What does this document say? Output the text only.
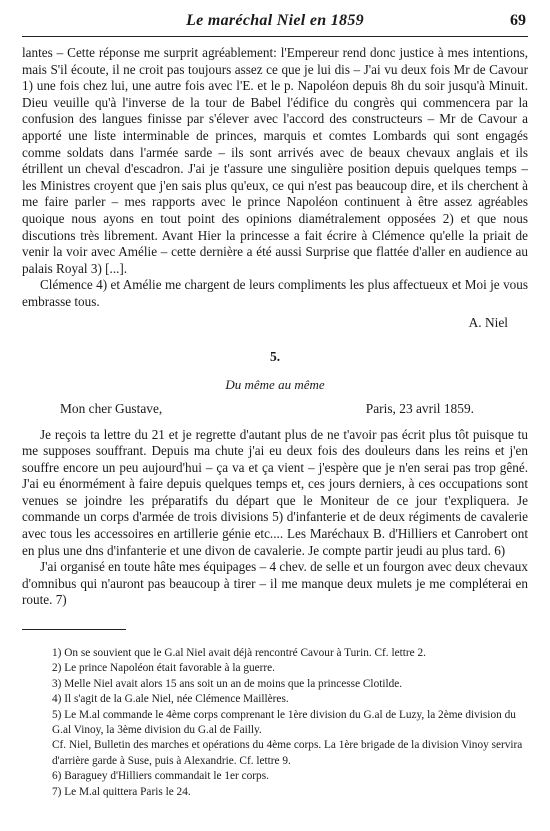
Le maréchal Niel en 1859	69

lantes – Cette réponse me surprit agréablement: l'Empereur rend donc justice à mes intentions, mais S'il écoute, il ne croit pas toujours assez ce que je lui dis – J'ai vu deux fois Mr de Cavour 1) une fois chez lui, une autre fois avec l'E. et le p. Napoléon depuis 8h du soir jusqu'à Minuit. Dieu veuille qu'à l'inverse de la tour de Babel l'édifice du congrès qui commencera par la confusion des langues finisse par s'élever avec l'accord des constructeurs – Mr de Cavour a apporté une liste interminable de princes, marquis et comtes Lombards qui sont engagés comme soldats dans l'armée sarde – ils sont arrivés avec de beaux chevaux anglais et ils étrillent un cheval d'escadron. J'ai je t'assure une singulière position depuis quelques temps – les Ministres croyent que j'en sais plus qu'eux, ce qui n'est pas beaucoup dire, et ils cherchent à me faire parler – mes rapports avec le prince Napoléon continuent à être assez agréables quoique nous ayons en tout point des opinions diamétralement opposées 2) et que nous discutions très librement. Avant Hier la princesse a fait écrire à Clémence qu'elle la priait de venir la voir avec Amélie – cette dernière a été aussi Surprise que flattée d'aller en audience au palais Royal 3) [...].

Clémence 4) et Amélie me chargent de leurs compliments les plus affectueux et Moi je vous embrasse tous.

A. Niel
5.
Du même au même
Mon cher Gustave,	Paris, 23 avril 1859.

Je reçois ta lettre du 21 et je regrette d'autant plus de ne t'avoir pas écrit plus tôt puisque tu me supposes souffrant. Depuis ma chute j'ai eu deux fois des douleurs dans les reins et j'en souffre encore un peu aujourd'hui – ça va et ça vient – j'espère que je n'en serai pas trop gêné. J'ai eu énormément à faire depuis quelques temps et, ces jours derniers, à ces occupations sont venues se joindre les préparatifs du départ que le Moniteur de ce jour t'expliquera. Je commande un corps d'armée de trois divisions 5) d'infanterie et de deux régiments de cavalerie avec tous les accessoires en artillerie génie etc.... Les Maréchaux B. d'Hilliers et Canrobert ont en plus une dns d'infanterie et une divon de cavalerie. Je compte partir jeudi au plus tard. 6)

J'ai organisé en toute hâte mes équipages – 4 chev. de selle et un fourgon avec deux chevaux d'omnibus qui n'auront pas beaucoup à tirer – il me manque deux mulets je me compléterai en route. 7)

1) On se souvient que le G.al Niel avait déjà rencontré Cavour à Turin. Cf. lettre 2.
2) Le prince Napoléon était favorable à la guerre.
3) Melle Niel avait alors 15 ans soit un an de moins que la princesse Clotilde.
4) Il s'agit de la G.ale Niel, née Clémence Maillères.
5) Le M.al commande le 4ème corps comprenant le 1ère division du G.al de Luzy, la 2ème division du G.al Vinoy, la 3ème division du G.al de Failly.
Cf. Niel, Bulletin des marches et opérations du 4ème corps. La 1ère brigade de la division Vinoy servira d'arrière garde à Suse, puis à Alexandrie. Cf. lettre 9.
6) Baraguey d'Hilliers commandait le 1er corps.
7) Le M.al quittera Paris le 24.
